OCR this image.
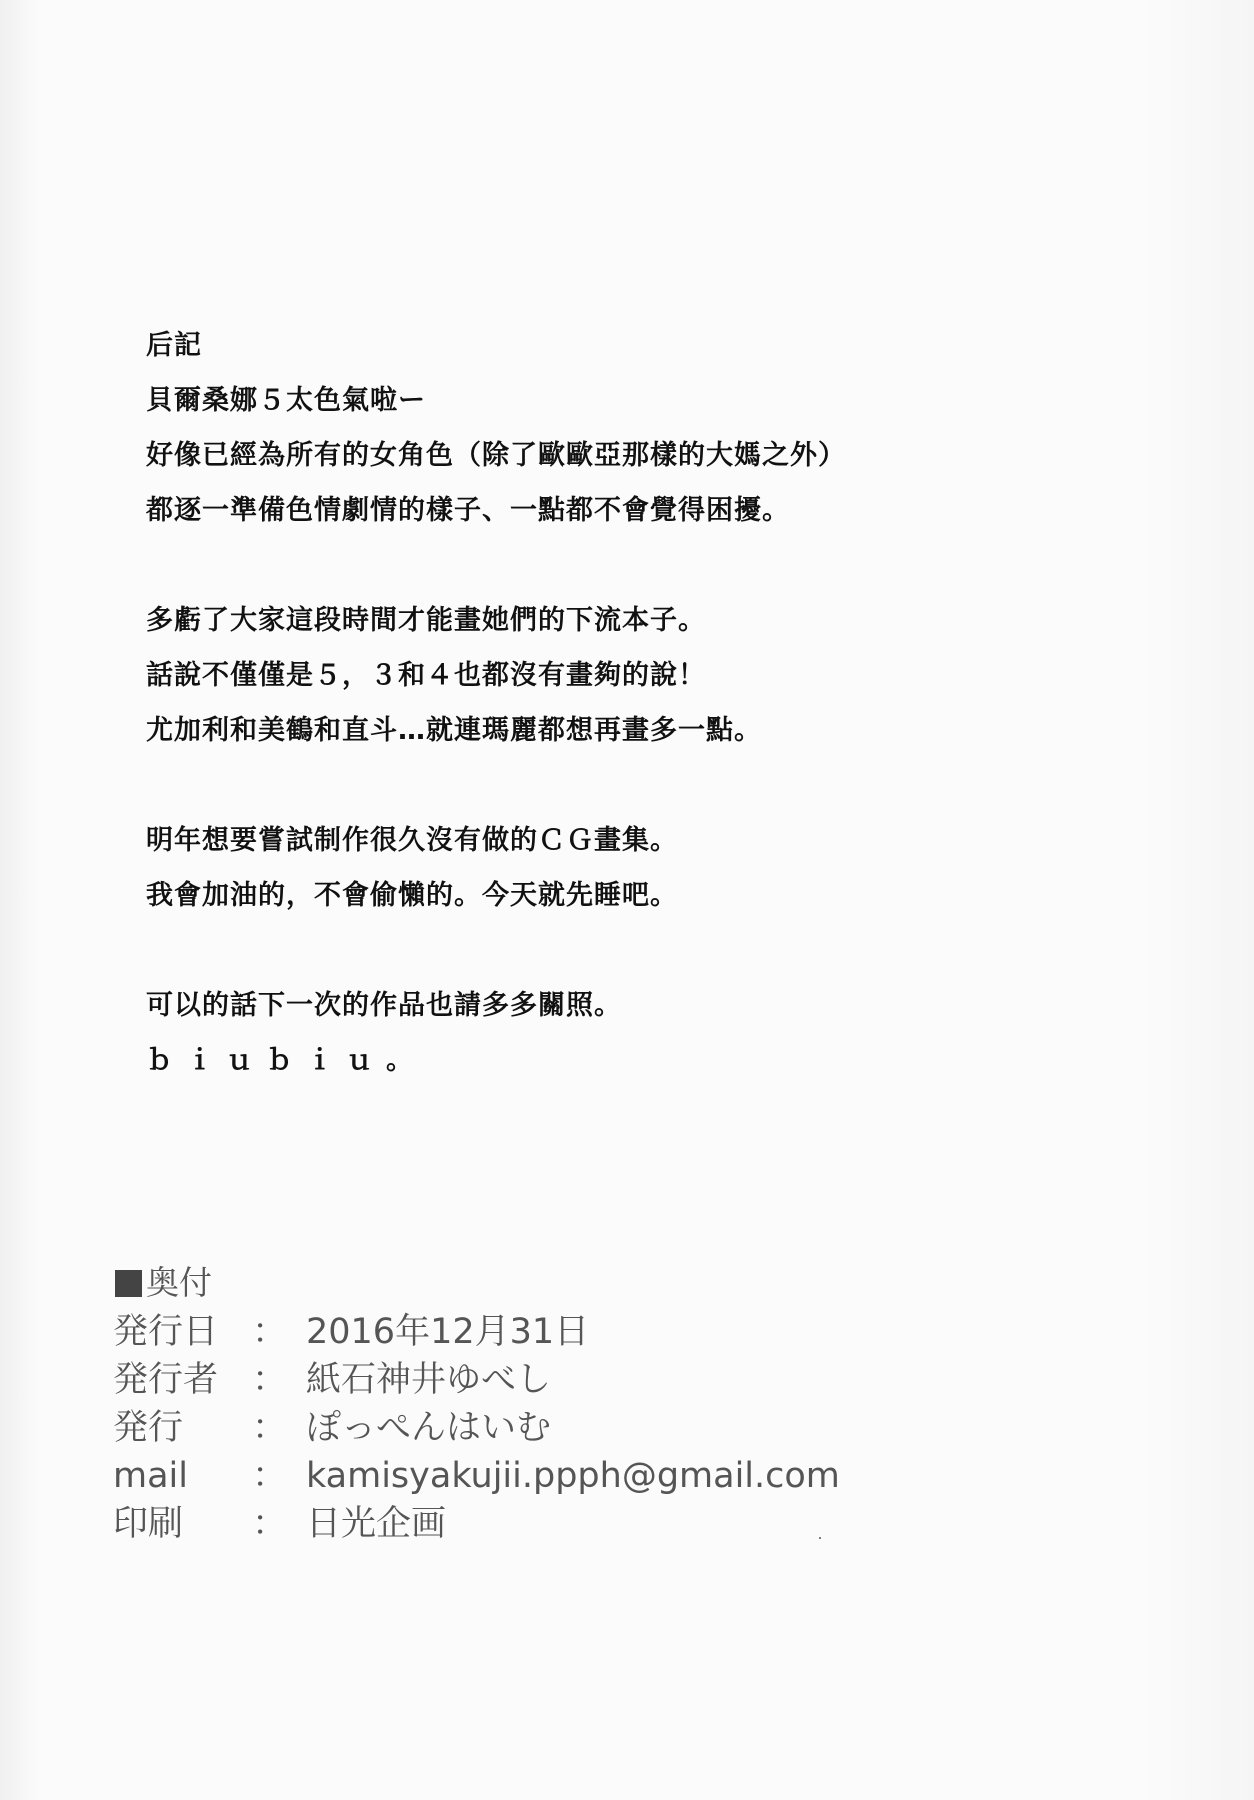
后記
貝爾桑娜５太色氣啦ー
好像已經為所有的女角色（除了歐歐亞那樣的大媽之外）
都逐一準備色情劇情的樣子、一點都不會覺得困擾。
多虧了大家這段時間才能畫她們的下流本子。
話說不僅僅是５，３和４也都沒有畫夠的說！
尤加利和美鶴和直斗…就連瑪麗都想再畫多一點。
明年想要嘗試制作很久沒有做的ＣＧ畫集。
我會加油的，不會偷懶的。今天就先睡吧。
可以的話下一次的作品也請多多關照。
ｂｉｕｂｉｕ。
奥付
発行日 ： 2016年12月31日
発行者 ： 紙石神井ゆべし
発行	： ぽっぺんはいむ
mail	： kamisyakujii.ppph@gmail.com
印刷	： 日光企画
